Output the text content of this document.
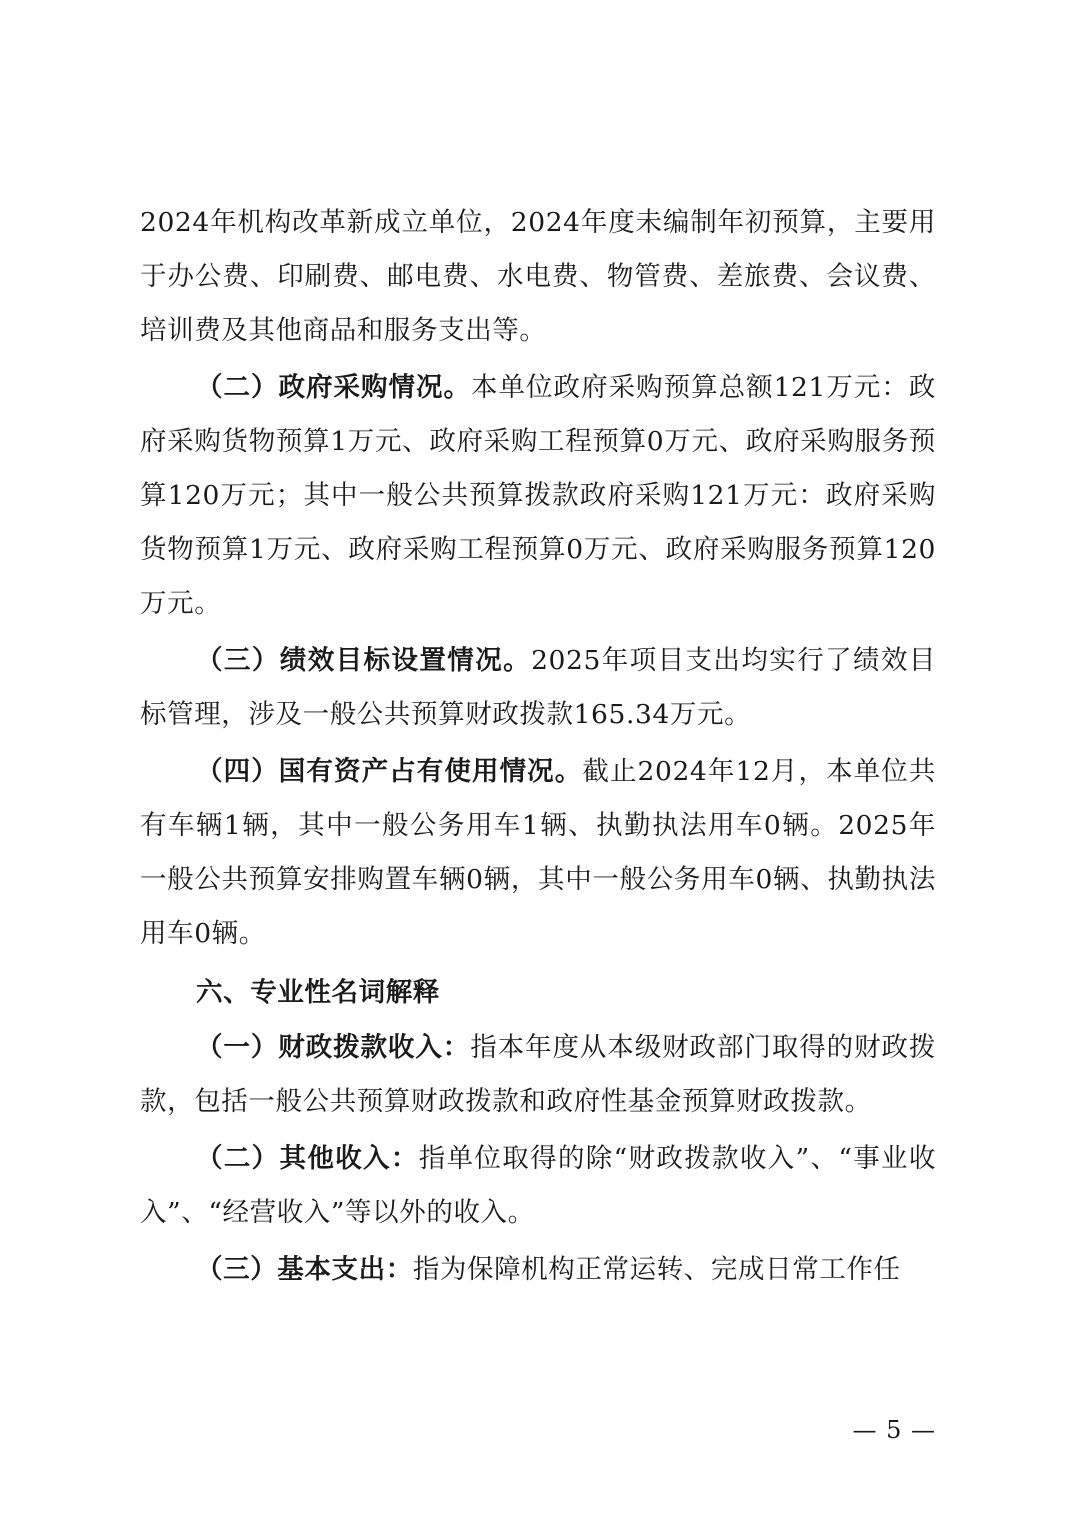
2024年机构改革新成立单位，2024年度未编制年初预算，主要用于办公费、印刷费、邮电费、水电费、物管费、差旅费、会议费、培训费及其他商品和服务支出等。

（二）政府采购情况。本单位政府采购预算总额121万元：政府采购货物预算1万元、政府采购工程预算0万元、政府采购服务预算120万元；其中一般公共预算拨款政府采购121万元：政府采购货物预算1万元、政府采购工程预算0万元、政府采购服务预算120万元。

（三）绩效目标设置情况。2025年项目支出均实行了绩效目标管理，涉及一般公共预算财政拨款165.34万元。

（四）国有资产占有使用情况。截止2024年12月，本单位共有车辆1辆，其中一般公务用车1辆、执勤执法用车0辆。2025年一般公共预算安排购置车辆0辆，其中一般公务用车0辆、执勤执法用车0辆。

六、专业性名词解释

（一）财政拨款收入：指本年度从本级财政部门取得的财政拨款，包括一般公共预算财政拨款和政府性基金预算财政拨款。

（二）其他收入：指单位取得的除“财政拨款收入”、“事业收入”、“经营收入”等以外的收入。

（三）基本支出：指为保障机构正常运转、完成日常工作任

— 5 —
